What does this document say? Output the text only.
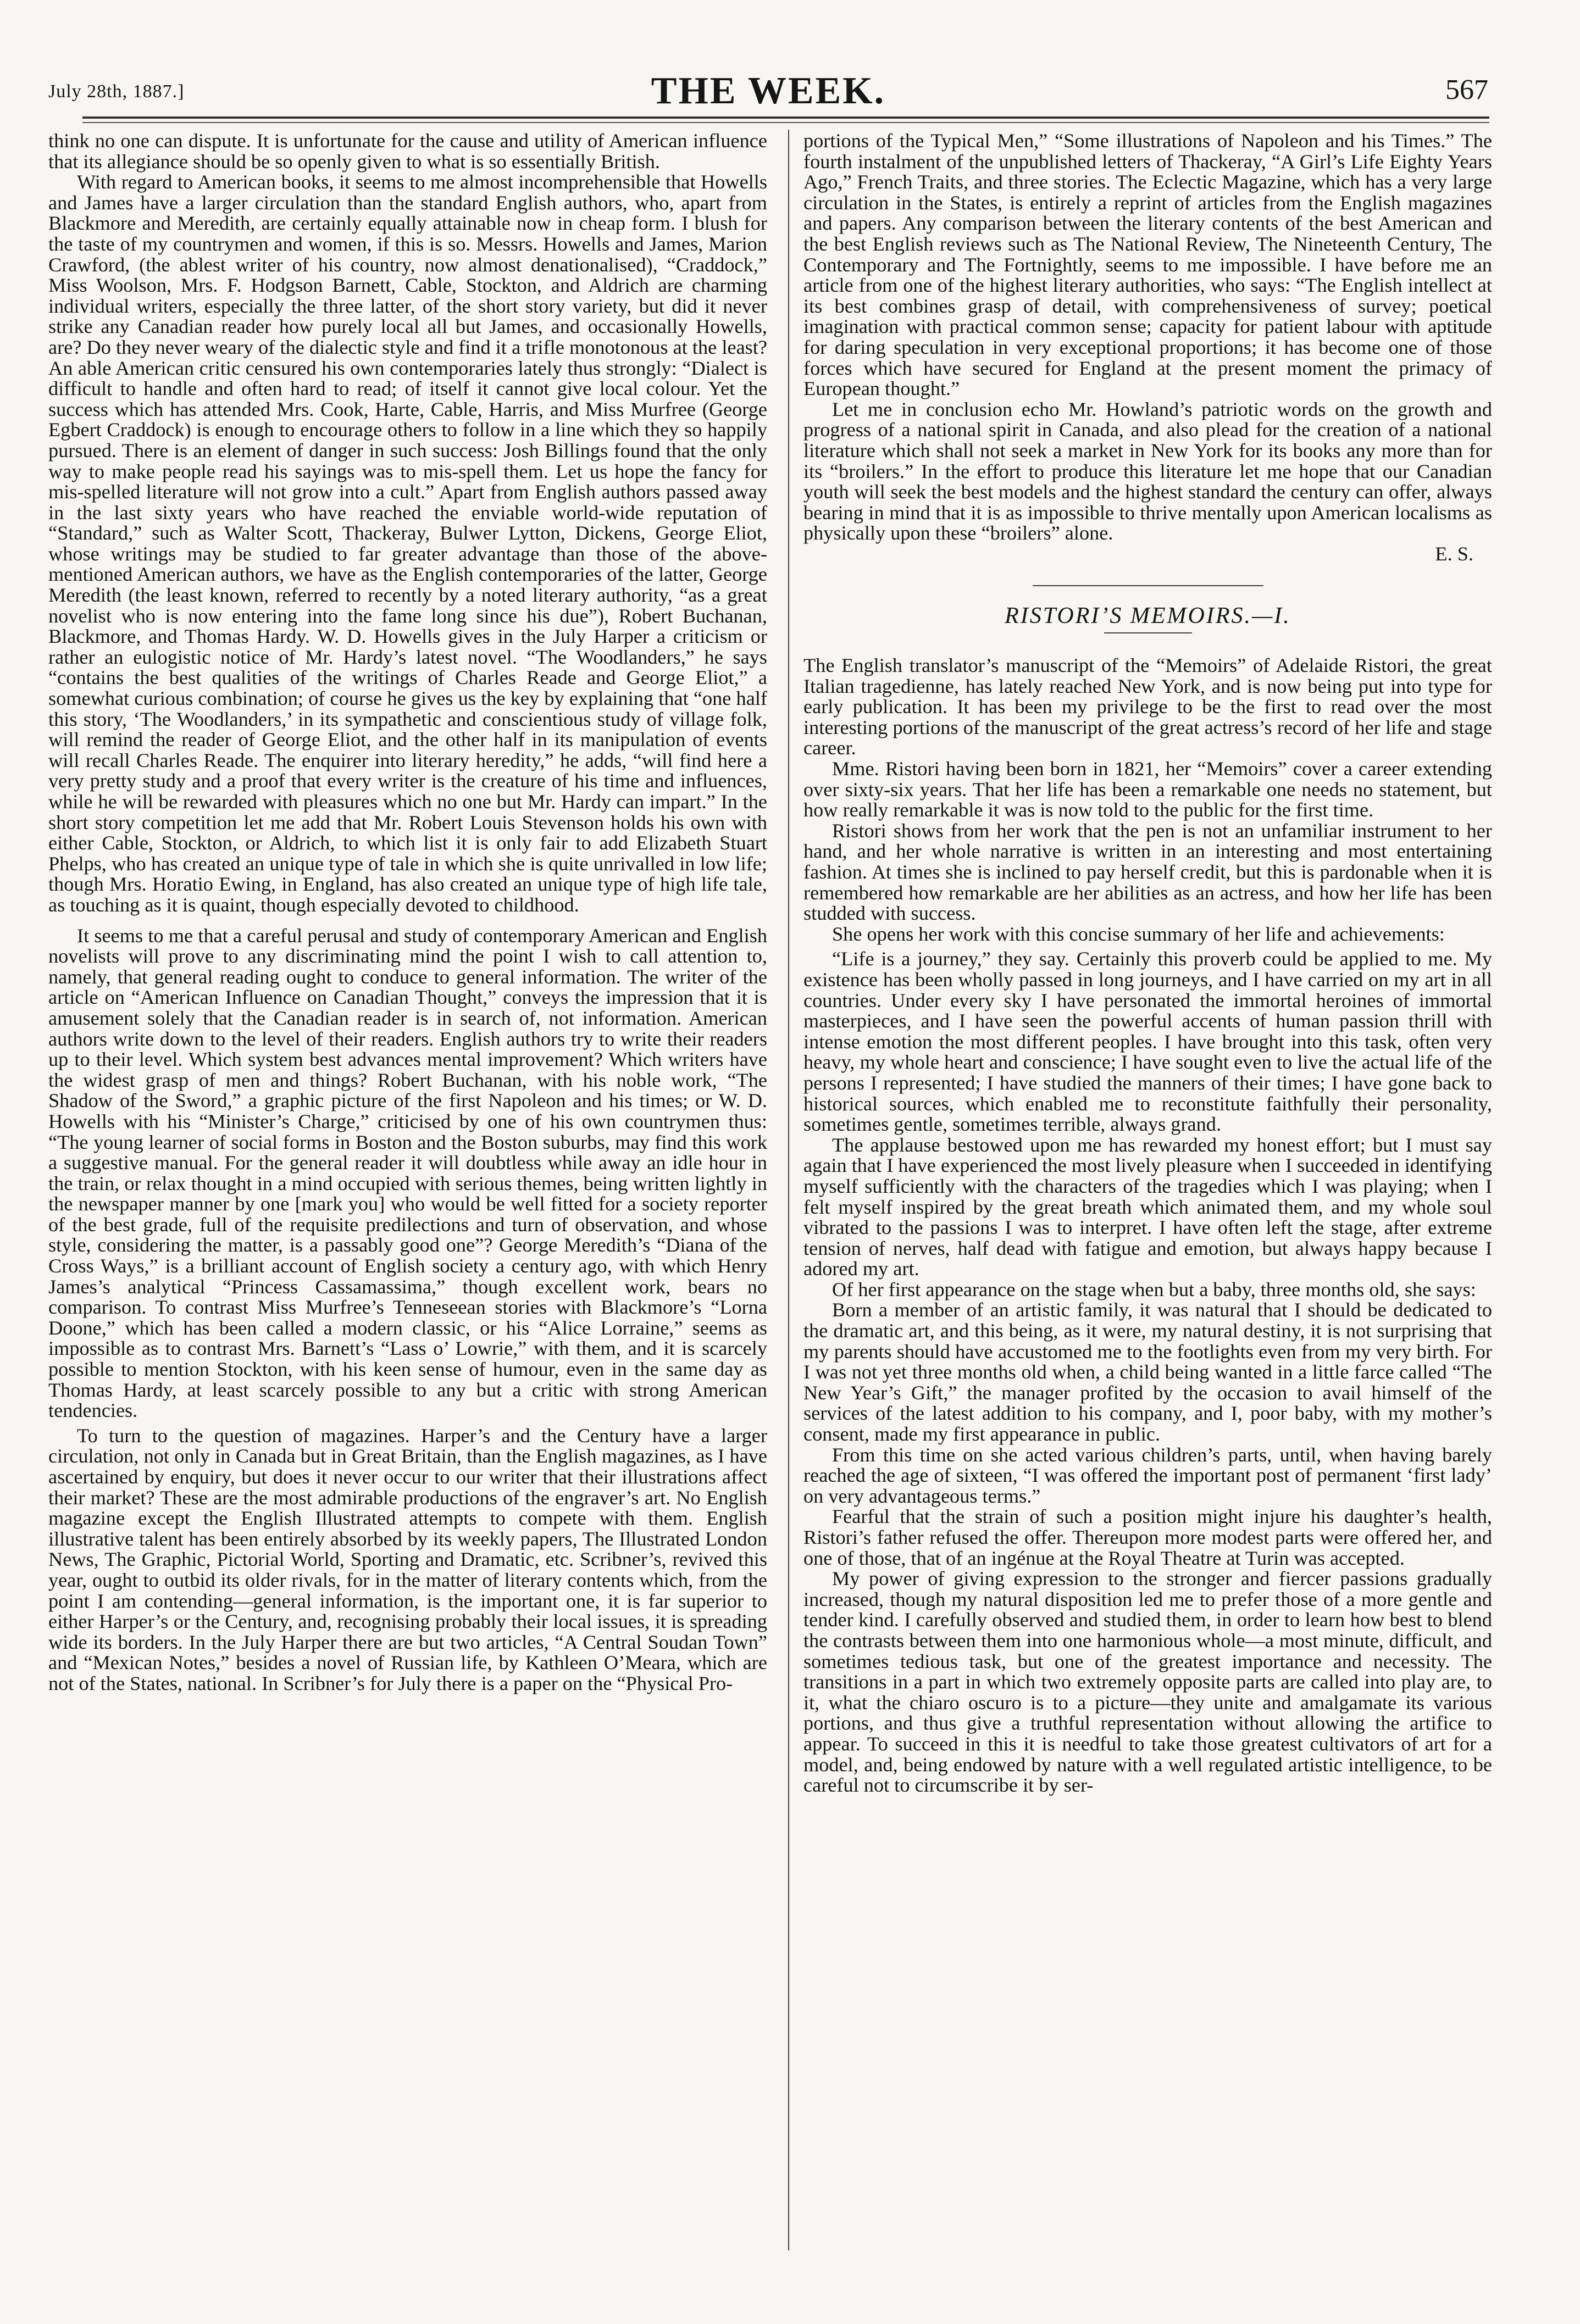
July 28th, 1887.]	THE WEEK.	567

think no one can dispute. It is unfortunate for the cause and utility of American influence that its allegiance should be so openly given to what is so essentially British.

With regard to American books, it seems to me almost incomprehensible that Howells and James have a larger circulation than the standard English authors, who, apart from Blackmore and Meredith, are certainly equally attainable now in cheap form. I blush for the taste of my countrymen and women, if this is so. Messrs. Howells and James, Marion Crawford, (the ablest writer of his country, now almost denationalised), “Craddock,” Miss Woolson, Mrs. F. Hodgson Barnett, Cable, Stockton, and Aldrich are charming individual writers, especially the three latter, of the short story variety, but did it never strike any Canadian reader how purely local all but James, and occasionally Howells, are? Do they never weary of the dialectic style and find it a trifle monotonous at the least? An able American critic censured his own contemporaries lately thus strongly: “Dialect is difficult to handle and often hard to read; of itself it cannot give local colour. Yet the success which has attended Mrs. Cook, Harte, Cable, Harris, and Miss Murfree (George Egbert Craddock) is enough to encourage others to follow in a line which they so happily pursued. There is an element of danger in such success: Josh Billings found that the only way to make people read his sayings was to mis-spell them. Let us hope the fancy for mis-spelled literature will not grow into a cult.” Apart from English authors passed away in the last sixty years who have reached the enviable world-wide reputation of “Standard,” such as Walter Scott, Thackeray, Bulwer Lytton, Dickens, George Eliot, whose writings may be studied to far greater advantage than those of the above-mentioned American authors, we have as the English contemporaries of the latter, George Meredith (the least known, referred to recently by a noted literary authority, “as a great novelist who is now entering into the fame long since his due”), Robert Buchanan, Blackmore, and Thomas Hardy. W. D. Howells gives in the July Harper a criticism or rather an eulogistic notice of Mr. Hardy’s latest novel. “The Woodlanders,” he says “contains the best qualities of the writings of Charles Reade and George Eliot,” a somewhat curious combination; of course he gives us the key by explaining that “one half this story, ‘The Woodlanders,’ in its sympathetic and conscientious study of village folk, will remind the reader of George Eliot, and the other half in its manipulation of events will recall Charles Reade. The enquirer into literary heredity,” he adds, “will find here a very pretty study and a proof that every writer is the creature of his time and influences, while he will be rewarded with pleasures which no one but Mr. Hardy can impart.” In the short story competition let me add that Mr. Robert Louis Stevenson holds his own with either Cable, Stockton, or Aldrich, to which list it is only fair to add Elizabeth Stuart Phelps, who has created an unique type of tale in which she is quite unrivalled in low life; though Mrs. Horatio Ewing, in England, has also created an unique type of high life tale, as touching as it is quaint, though especially devoted to childhood.

It seems to me that a careful perusal and study of contemporary American and English novelists will prove to any discriminating mind the point I wish to call attention to, namely, that general reading ought to conduce to general information. The writer of the article on “American Influence on Canadian Thought,” conveys the impression that it is amusement solely that the Canadian reader is in search of, not information. American authors write down to the level of their readers. English authors try to write their readers up to their level. Which system best advances mental improvement? Which writers have the widest grasp of men and things? Robert Buchanan, with his noble work, “The Shadow of the Sword,” a graphic picture of the first Napoleon and his times; or W. D. Howells with his “Minister’s Charge,” criticised by one of his own countrymen thus: “The young learner of social forms in Boston and the Boston suburbs, may find this work a suggestive manual. For the general reader it will doubtless while away an idle hour in the train, or relax thought in a mind occupied with serious themes, being written lightly in the newspaper manner by one [mark you] who would be well fitted for a society reporter of the best grade, full of the requisite predilections and turn of observation, and whose style, considering the matter, is a passably good one”? George Meredith’s “Diana of the Cross Ways,” is a brilliant account of English society a century ago, with which Henry James’s analytical “Princess Cassamassima,” though excellent work, bears no comparison. To contrast Miss Murfree’s Tenneseean stories with Blackmore’s “Lorna Doone,” which has been called a modern classic, or his “Alice Lorraine,” seems as impossible as to contrast Mrs. Barnett’s “Lass o’ Lowrie,” with them, and it is scarcely possible to mention Stockton, with his keen sense of humour, even in the same day as Thomas Hardy, at least scarcely possible to any but a critic with strong American tendencies.

To turn to the question of magazines. Harper’s and the Century have a larger circulation, not only in Canada but in Great Britain, than the English magazines, as I have ascertained by enquiry, but does it never occur to our writer that their illustrations affect their market? These are the most admirable productions of the engraver’s art. No English magazine except the English Illustrated attempts to compete with them. English illustrative talent has been entirely absorbed by its weekly papers, The Illustrated London News, The Graphic, Pictorial World, Sporting and Dramatic, etc. Scribner’s, revived this year, ought to outbid its older rivals, for in the matter of literary contents which, from the point I am contending—general information, is the important one, it is far superior to either Harper’s or the Century, and, recognising probably their local issues, it is spreading wide its borders. In the July Harper there are but two articles, “A Central Soudan Town” and “Mexican Notes,” besides a novel of Russian life, by Kathleen O’Meara, which are not of the States, national. In Scribner’s for July there is a paper on the “Physical Pro-

portions of the Typical Men,” “Some illustrations of Napoleon and his Times.” The fourth instalment of the unpublished letters of Thackeray, “A Girl’s Life Eighty Years Ago,” French Traits, and three stories. The Eclectic Magazine, which has a very large circulation in the States, is entirely a reprint of articles from the English magazines and papers. Any comparison between the literary contents of the best American and the best English reviews such as The National Review, The Nineteenth Century, The Contemporary and The Fortnightly, seems to me impossible. I have before me an article from one of the highest literary authorities, who says: “The English intellect at its best combines grasp of detail, with comprehensiveness of survey; poetical imagination with practical common sense; capacity for patient labour with aptitude for daring speculation in very exceptional proportions; it has become one of those forces which have secured for England at the present moment the primacy of European thought.”

Let me in conclusion echo Mr. Howland’s patriotic words on the growth and progress of a national spirit in Canada, and also plead for the creation of a national literature which shall not seek a market in New York for its books any more than for its “broilers.” In the effort to produce this literature let me hope that our Canadian youth will seek the best models and the highest standard the century can offer, always bearing in mind that it is as impossible to thrive mentally upon American localisms as physically upon these “broilers” alone.

E. S.
RISTORI’S MEMOIRS.—I.

The English translator’s manuscript of the “Memoirs” of Adelaide Ristori, the great Italian tragedienne, has lately reached New York, and is now being put into type for early publication. It has been my privilege to be the first to read over the most interesting portions of the manuscript of the great actress’s record of her life and stage career.

Mme. Ristori having been born in 1821, her “Memoirs” cover a career extending over sixty-six years. That her life has been a remarkable one needs no statement, but how really remarkable it was is now told to the public for the first time.

Ristori shows from her work that the pen is not an unfamiliar instrument to her hand, and her whole narrative is written in an interesting and most entertaining fashion. At times she is inclined to pay herself credit, but this is pardonable when it is remembered how remarkable are her abilities as an actress, and how her life has been studded with success.

She opens her work with this concise summary of her life and achievements:

“Life is a journey,” they say. Certainly this proverb could be applied to me. My existence has been wholly passed in long journeys, and I have carried on my art in all countries. Under every sky I have personated the immortal heroines of immortal masterpieces, and I have seen the powerful accents of human passion thrill with intense emotion the most different peoples. I have brought into this task, often very heavy, my whole heart and conscience; I have sought even to live the actual life of the persons I represented; I have studied the manners of their times; I have gone back to historical sources, which enabled me to reconstitute faithfully their personality, sometimes gentle, sometimes terrible, always grand.

The applause bestowed upon me has rewarded my honest effort; but I must say again that I have experienced the most lively pleasure when I succeeded in identifying myself sufficiently with the characters of the tragedies which I was playing; when I felt myself inspired by the great breath which animated them, and my whole soul vibrated to the passions I was to interpret. I have often left the stage, after extreme tension of nerves, half dead with fatigue and emotion, but always happy because I adored my art.

Of her first appearance on the stage when but a baby, three months old, she says:

Born a member of an artistic family, it was natural that I should be dedicated to the dramatic art, and this being, as it were, my natural destiny, it is not surprising that my parents should have accustomed me to the footlights even from my very birth. For I was not yet three months old when, a child being wanted in a little farce called “The New Year’s Gift,” the manager profited by the occasion to avail himself of the services of the latest addition to his company, and I, poor baby, with my mother’s consent, made my first appearance in public.

From this time on she acted various children’s parts, until, when having barely reached the age of sixteen, “I was offered the important post of permanent ‘first lady’ on very advantageous terms.”

Fearful that the strain of such a position might injure his daughter’s health, Ristori’s father refused the offer. Thereupon more modest parts were offered her, and one of those, that of an ingénue at the Royal Theatre at Turin was accepted.

My power of giving expression to the stronger and fiercer passions gradually increased, though my natural disposition led me to prefer those of a more gentle and tender kind. I carefully observed and studied them, in order to learn how best to blend the contrasts between them into one harmonious whole—a most minute, difficult, and sometimes tedious task, but one of the greatest importance and necessity. The transitions in a part in which two extremely opposite parts are called into play are, to it, what the chiaro oscuro is to a picture—they unite and amalgamate its various portions, and thus give a truthful representation without allowing the artifice to appear. To succeed in this it is needful to take those greatest cultivators of art for a model, and, being endowed by nature with a well regulated artistic intelligence, to be careful not to circumscribe it by ser-
